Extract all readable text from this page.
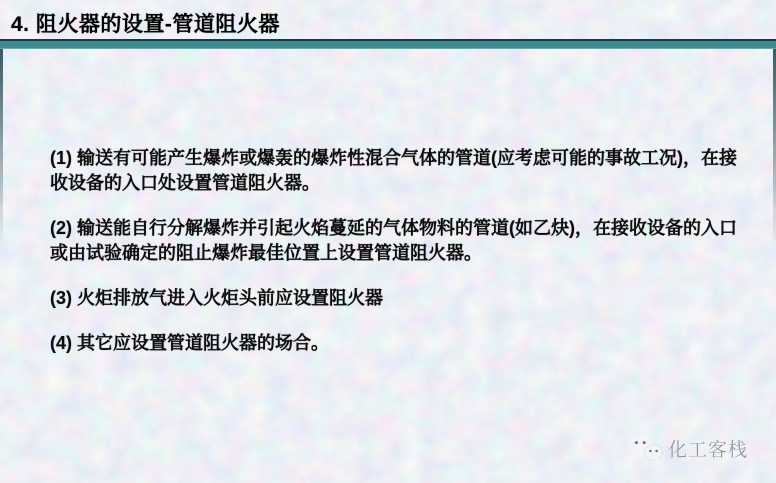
4. 阻火器的设置-管道阻火器

(1) 输送有可能产生爆炸或爆轰的爆炸性混合气体的管道(应考虑可能的事故工况)，在接收设备的入口处设置管道阻火器。

(2) 输送能自行分解爆炸并引起火焰蔓延的气体物料的管道(如乙炔)，在接收设备的入口或由试验确定的阻止爆炸最佳位置上设置管道阻火器。

(3) 火炬排放气进入火炬头前应设置阻火器

(4) 其它应设置管道阻火器的场合。

化工客栈
